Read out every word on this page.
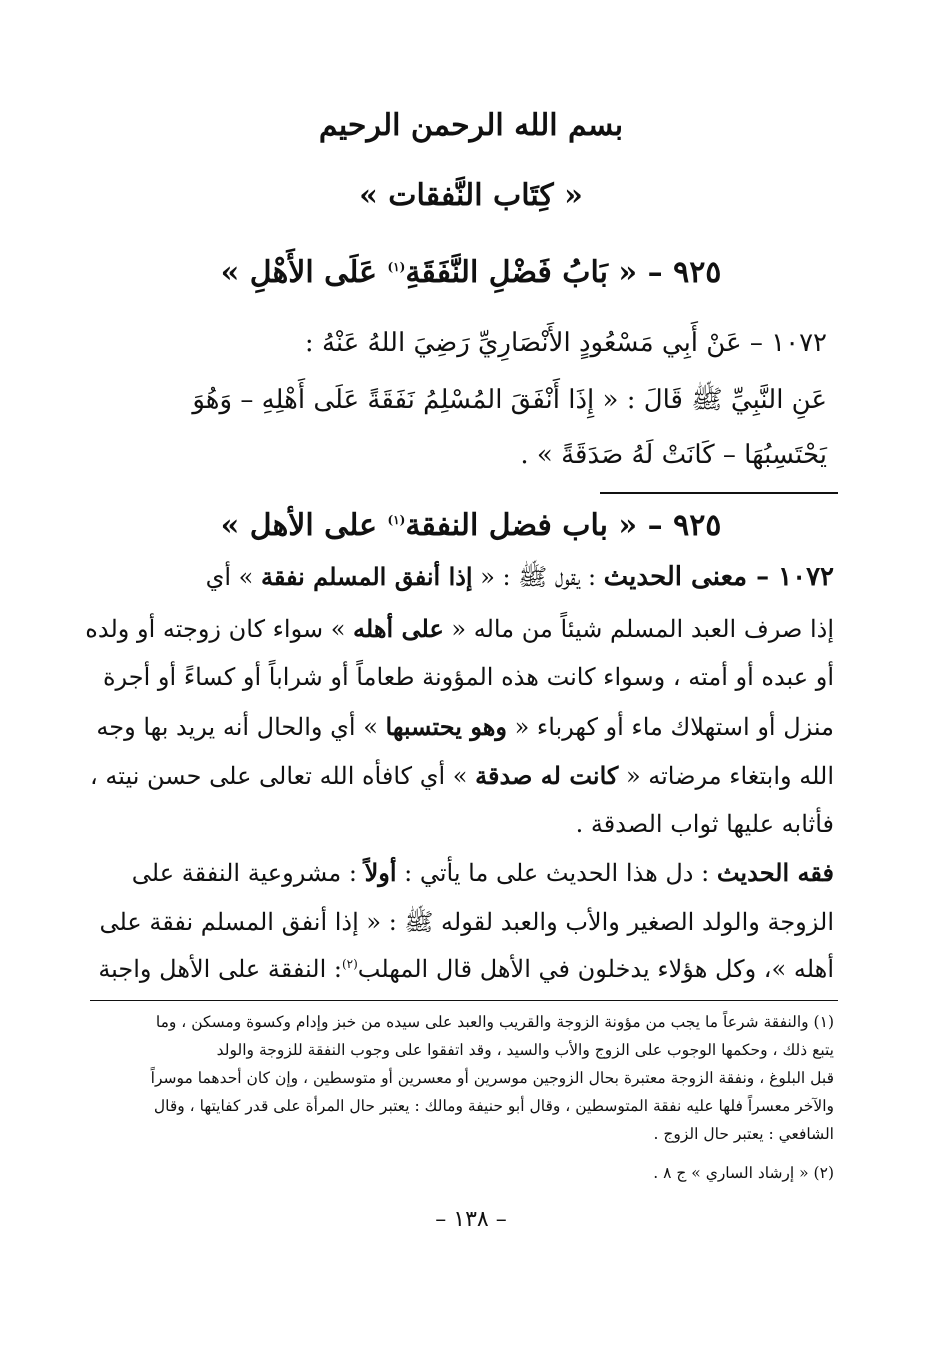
بسم الله الرحمن الرحيم
« كِتَاب النَّفقات »
٩٢٥ – « بَابُ فَضْلِ النَّفَقَةِ$^{(١)}$ عَلَى الأَهْلِ »
١٠٧٢ – عَنْ أَبِي مَسْعُودٍ الأَنْصَارِيِّ رَضِيَ اللهُ عَنْهُ :
عَنِ النَّبِيِّ ﷺ قَالَ : « إِذَا أَنْفَقَ المُسْلِمُ نَفَقَةً عَلَى أَهْلِهِ – وَهُوَ
يَحْتَسِبُهَا – كَانَتْ لَهُ صَدَقَةً » .
٩٢٥ – « باب فضل النفقة$^{(١)}$ على الأهل »
١٠٧٢ – معنى الحديث : يقول ﷺ : « إذا أنفق المسلم نفقة » أي
إذا صرف العبد المسلم شيئاً من ماله « على أهله » سواء كان زوجته أو ولده
أو عبده أو أمته ، وسواء كانت هذه المؤونة طعاماً أو شراباً أو كساءً أو أجرة
منزل أو استهلاك ماء أو كهرباء « وهو يحتسبها » أي والحال أنه يريد بها وجه
الله وابتغاء مرضاته « كانت له صدقة » أي كافأه الله تعالى على حسن نيته ،
فأثابه عليها ثواب الصدقة .
فقه الحديث : دل هذا الحديث على ما يأتي : أولاً : مشروعية النفقة على
الزوجة والولد الصغير والأب والعبد لقوله ﷺ : « إذا أنفق المسلم نفقة على
أهله »، وكل هؤلاء يدخلون في الأهل قال المهلب$^{(٢)}$: النفقة على الأهل واجبة
(١) والنفقة شرعاً ما يجب من مؤونة الزوجة والقريب والعبد على سيده من خبز وإدام وكسوة ومسكن ، وما
يتبع ذلك ، وحكمها الوجوب على الزوج والأب والسيد ، وقد اتفقوا على وجوب النفقة للزوجة والولد
قبل البلوغ ، ونفقة الزوجة معتبرة بحال الزوجين موسرين أو معسرين أو متوسطين ، وإن كان أحدهما موسراً
والآخر معسراً فلها عليه نفقة المتوسطين ، وقال أبو حنيفة ومالك : يعتبر حال المرأة على قدر كفايتها ، وقال
الشافعي : يعتبر حال الزوج .
(٢) « إرشاد الساري » ج ٨ .
– ١٣٨ –
